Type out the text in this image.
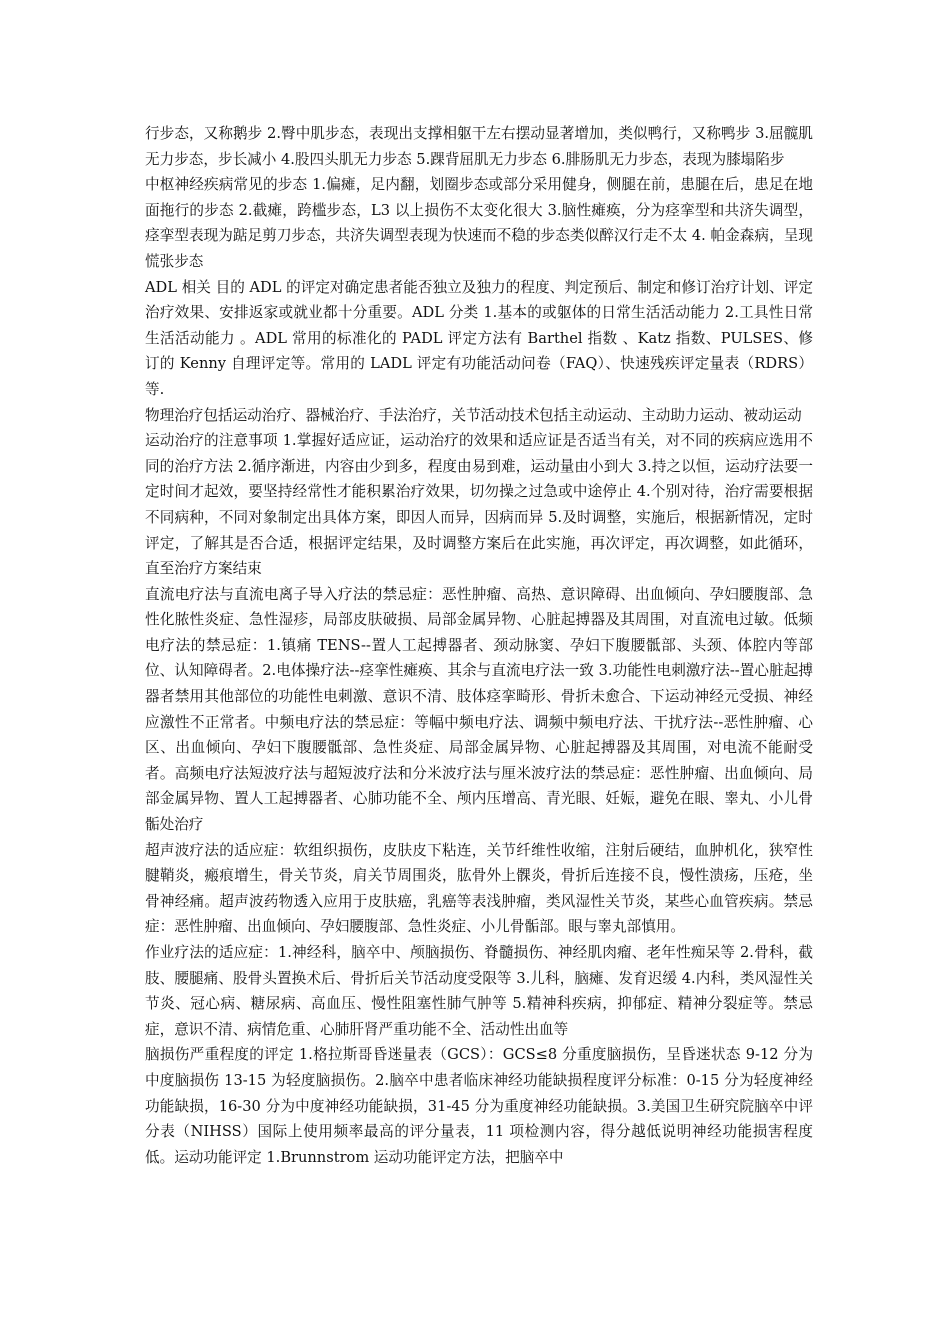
行步态，又称鹅步 2.臀中肌步态，表现出支撑相躯干左右摆动显著增加，类似鸭行，又称鸭步 3.屈髋肌无力步态，步长减小 4.股四头肌无力步态 5.踝背屈肌无力步态 6.腓肠肌无力步态，表现为膝塌陷步

中枢神经疾病常见的步态 1.偏瘫，足内翻，划圈步态或部分采用健身，侧腿在前，患腿在后，患足在地面拖行的步态 2.截瘫，跨槛步态，L3 以上损伤不太变化很大 3.脑性瘫痪，分为痉挛型和共济失调型，痉挛型表现为踮足剪刀步态，共济失调型表现为快速而不稳的步态类似醉汉行走不太 4. 帕金森病，呈现慌张步态

ADL 相关 目的 ADL 的评定对确定患者能否独立及独力的程度、判定预后、制定和修订治疗计划、评定治疗效果、安排返家或就业都十分重要。ADL 分类 1.基本的或躯体的日常生活活动能力 2.工具性日常生活活动能力 。ADL 常用的标准化的 PADL 评定方法有 Barthel 指数 、Katz 指数、PULSES、修订的 Kenny 自理评定等。常用的 LADL 评定有功能活动问卷（FAQ）、快速残疾评定量表（RDRS）等.

物理治疗包括运动治疗、器械治疗、手法治疗，关节活动技术包括主动运动、主动助力运动、被动运动

运动治疗的注意事项 1.掌握好适应证，运动治疗的效果和适应证是否适当有关，对不同的疾病应选用不同的治疗方法 2.循序渐进，内容由少到多，程度由易到难，运动量由小到大 3.持之以恒，运动疗法要一定时间才起效，要坚持经常性才能积累治疗效果，切勿操之过急或中途停止 4.个别对待，治疗需要根据不同病种，不同对象制定出具体方案，即因人而异，因病而异 5.及时调整，实施后，根据新情况，定时评定，了解其是否合适，根据评定结果，及时调整方案后在此实施，再次评定，再次调整，如此循环，直至治疗方案结束

直流电疗法与直流电离子导入疗法的禁忌症：恶性肿瘤、高热、意识障碍、出血倾向、孕妇腰腹部、急性化脓性炎症、急性湿疹，局部皮肤破损、局部金属异物、心脏起搏器及其周围，对直流电过敏。低频电疗法的禁忌症：1.镇痛 TENS--置人工起搏器者、颈动脉窦、孕妇下腹腰骶部、头颈、体腔内等部位、认知障碍者。2.电体操疗法--痉挛性瘫痪、其余与直流电疗法一致 3.功能性电刺激疗法--置心脏起搏器者禁用其他部位的功能性电刺激、意识不清、肢体痉挛畸形、骨折未愈合、下运动神经元受损、神经应激性不正常者。中频电疗法的禁忌症：等幅中频电疗法、调频中频电疗法、干扰疗法--恶性肿瘤、心区、出血倾向、孕妇下腹腰骶部、急性炎症、局部金属异物、心脏起搏器及其周围，对电流不能耐受者。高频电疗法短波疗法与超短波疗法和分米波疗法与厘米波疗法的禁忌症：恶性肿瘤、出血倾向、局部金属异物、置人工起搏器者、心肺功能不全、颅内压增高、青光眼、妊娠，避免在眼、睾丸、小儿骨骺处治疗

超声波疗法的适应症：软组织损伤，皮肤皮下粘连，关节纤维性收缩，注射后硬结，血肿机化，狭窄性腱鞘炎，瘢痕增生，骨关节炎，肩关节周围炎，肱骨外上髁炎，骨折后连接不良，慢性溃疡，压疮，坐骨神经痛。超声波药物透入应用于皮肤癌，乳癌等表浅肿瘤，类风湿性关节炎，某些心血管疾病。禁忌症：恶性肿瘤、出血倾向、孕妇腰腹部、急性炎症、小儿骨骺部。眼与睾丸部慎用。

作业疗法的适应症：1.神经科，脑卒中、颅脑损伤、脊髓损伤、神经肌肉瘤、老年性痴呆等 2.骨科，截肢、腰腿痛、股骨头置换术后、骨折后关节活动度受限等 3.儿科，脑瘫、发育迟缓 4.内科，类风湿性关节炎、冠心病、糖尿病、高血压、慢性阻塞性肺气肿等 5.精神科疾病，抑郁症、精神分裂症等。禁忌症，意识不清、病情危重、心肺肝肾严重功能不全、活动性出血等

脑损伤严重程度的评定 1.格拉斯哥昏迷量表（GCS）：GCS≤8 分重度脑损伤，呈昏迷状态 9-12 分为中度脑损伤 13-15 为轻度脑损伤。2.脑卒中患者临床神经功能缺损程度评分标准：0-15 分为轻度神经功能缺损，16-30 分为中度神经功能缺损，31-45 分为重度神经功能缺损。3.美国卫生研究院脑卒中评分表（NIHSS）国际上使用频率最高的评分量表，11 项检测内容，得分越低说明神经功能损害程度低。运动功能评定 1.Brunnstrom 运动功能评定方法，把脑卒中
